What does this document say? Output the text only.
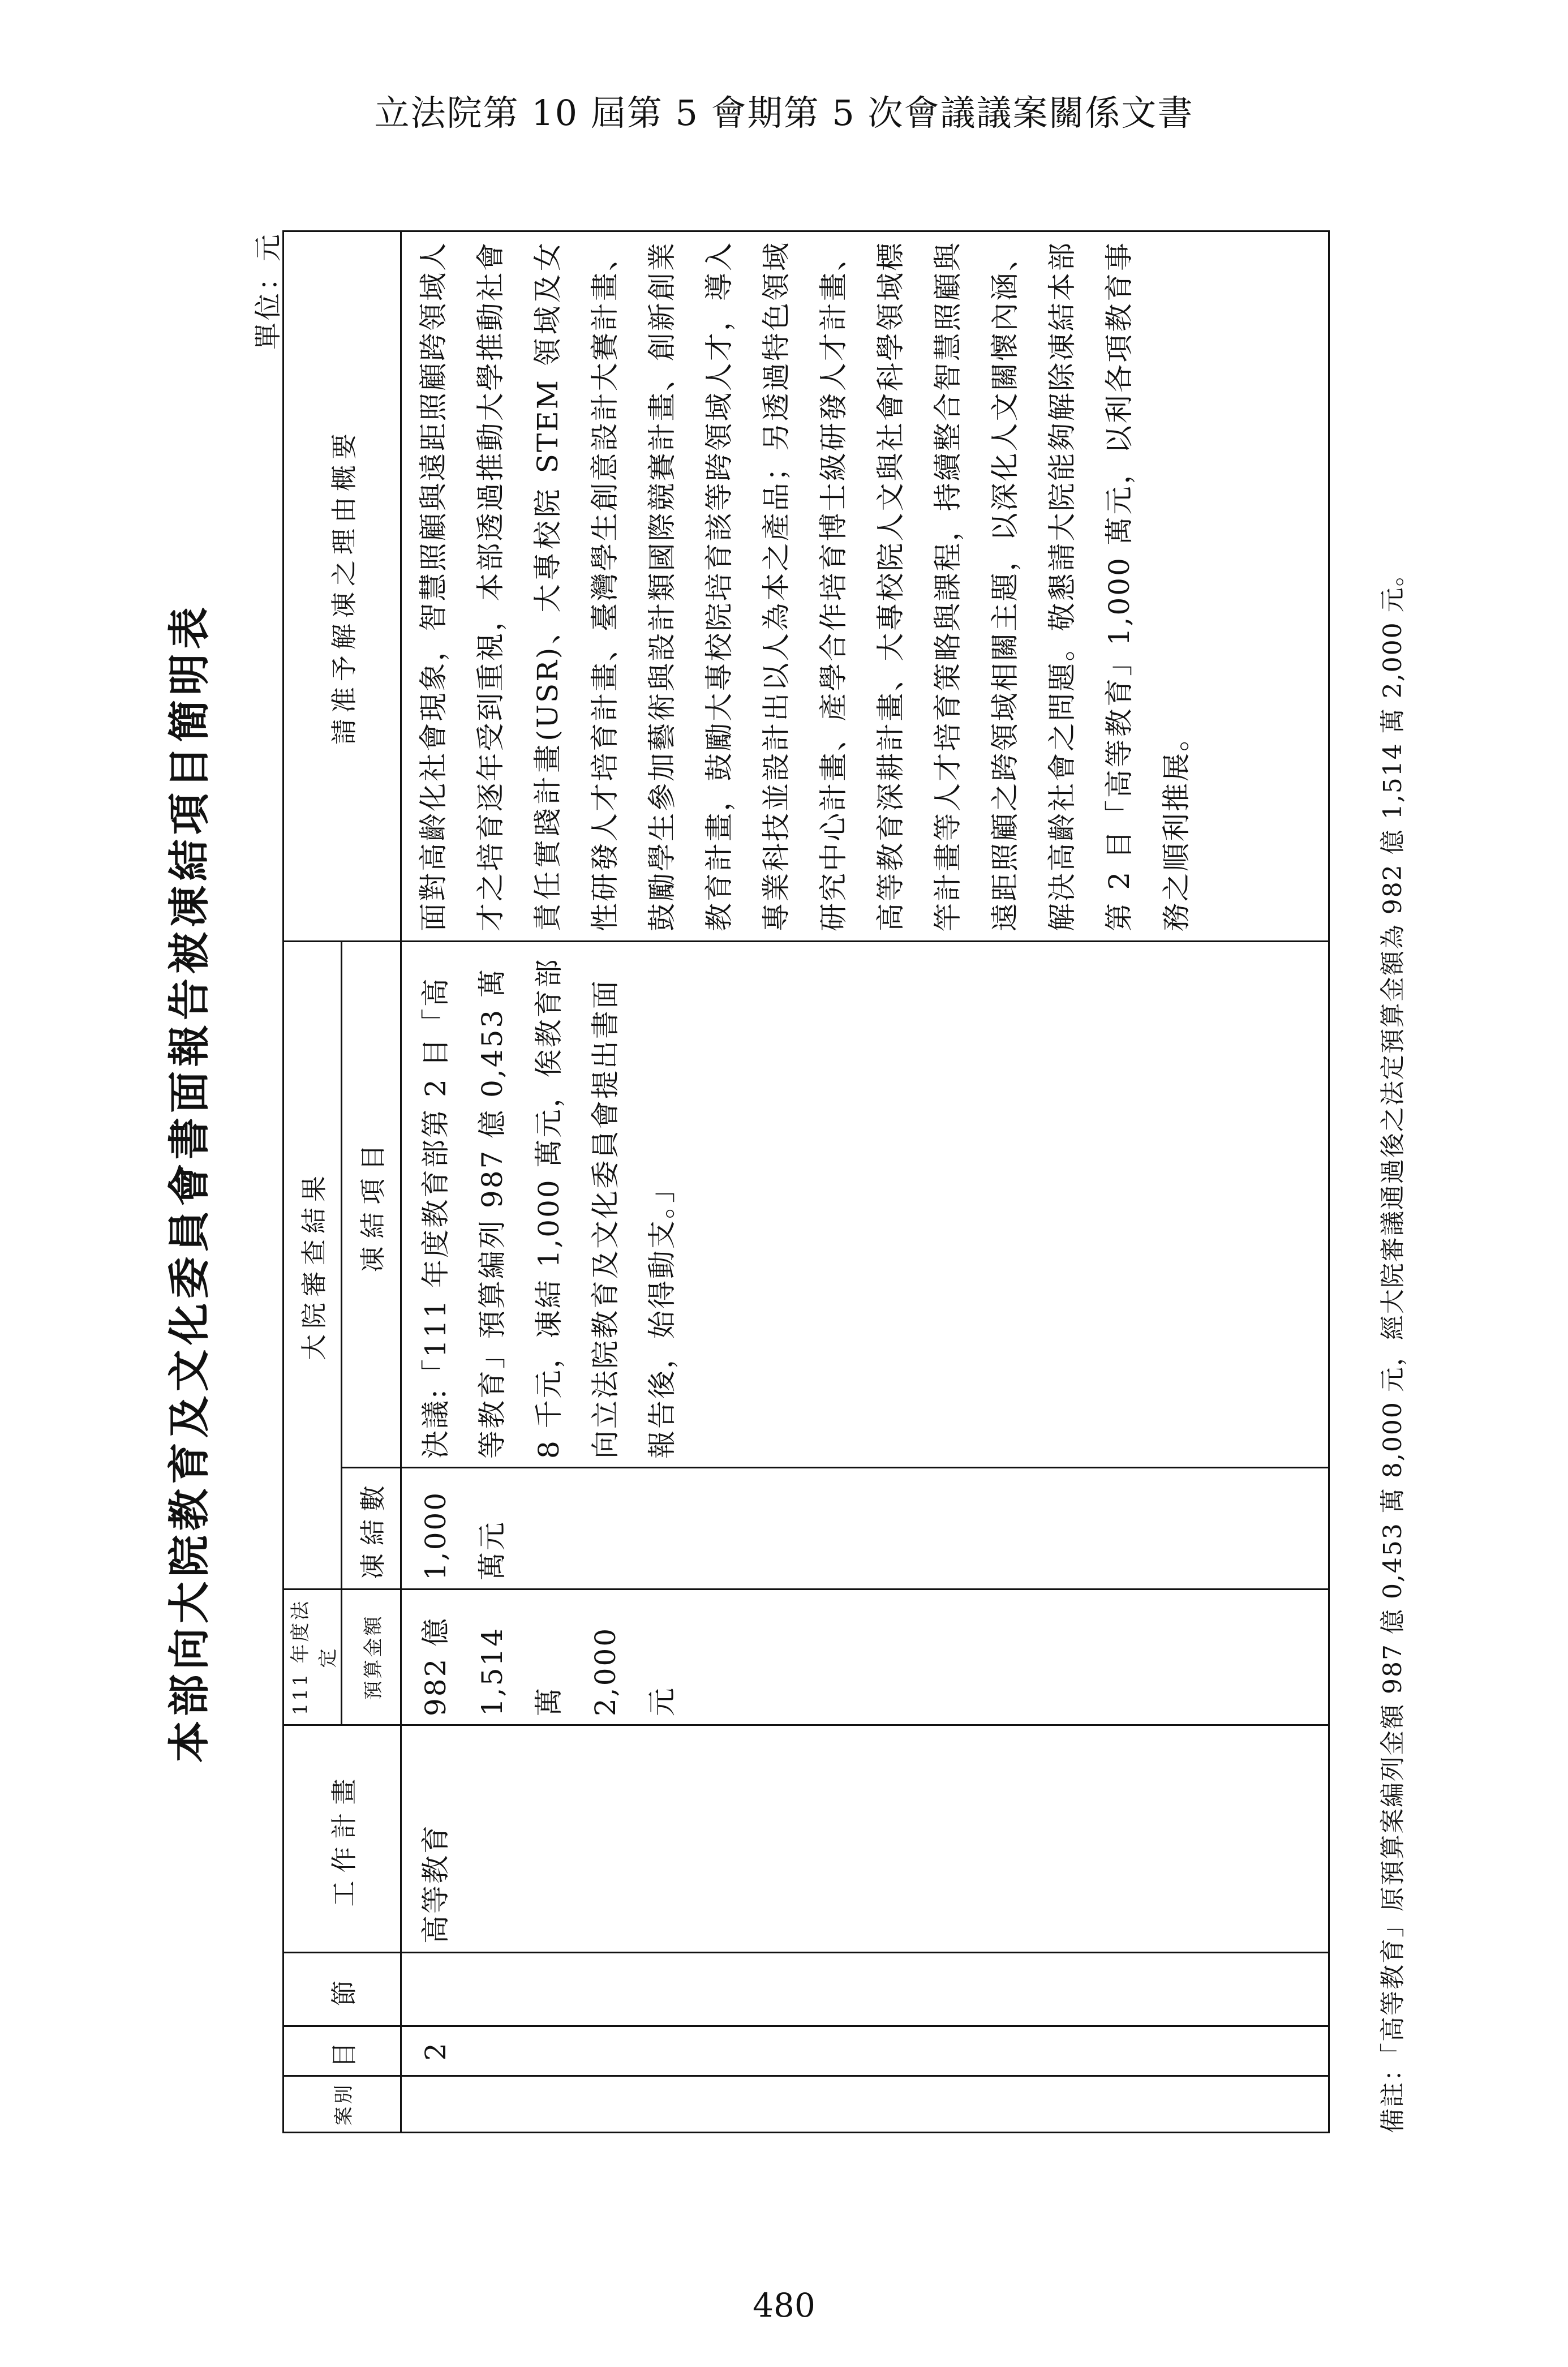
立法院第 10 屆第 5 會期第 5 次會議議案關係文書
本部向大院教育及文化委員會書面報告被凍結項目簡明表
單位：元
案別	目	節	工作計畫	111 年度法定	大院審查結果		請准予解凍之理由概要
				預算金額	凍結數	凍結項目	
	2		高等教育	982 億 1,514 萬 2,000 元	1,000 萬元	決議:「111 年度教育部第 2 目「高等教育」預算編列 987 億 0,453 萬 8 千元，凍結 1,000 萬元，俟教育部向立法院教育及文化委員會提出書面報告後，始得動支。」	面對高齡化社會現象，智慧照顧與遠距照顧跨領域人才之培育逐年受到重視，本部透過推動大學推動社會責任實踐計畫(USR)、大專校院 STEM 領域及女性研發人才培育計畫、臺灣學生創意設計大賽計畫、鼓勵學生參加藝術與設計類國際競賽計畫、創新創業教育計畫，鼓勵大專校院培育該等跨領域人才，導入專業科技並設計出以人為本之產品；另透過特色領域研究中心計畫、產學合作培育博士級研發人才計畫、高等教育深耕計畫、大專校院人文與社會科學領域標竿計畫等人才培育策略與課程，持續整合智慧照顧與遠距照顧之跨領域相關主題，以深化人文關懷內涵、解決高齡社會之問題。敬懇請大院能夠解除凍結本部第 2 目「高等教育」1,000 萬元，以利各項教育事務之順利推展。	備註：「高等教育」原預算案編列金額 987 億 0,453 萬 8,000 元，經大院審議通過後之法定預算金額為 982 億 1,514 萬 2,000 元。
480
